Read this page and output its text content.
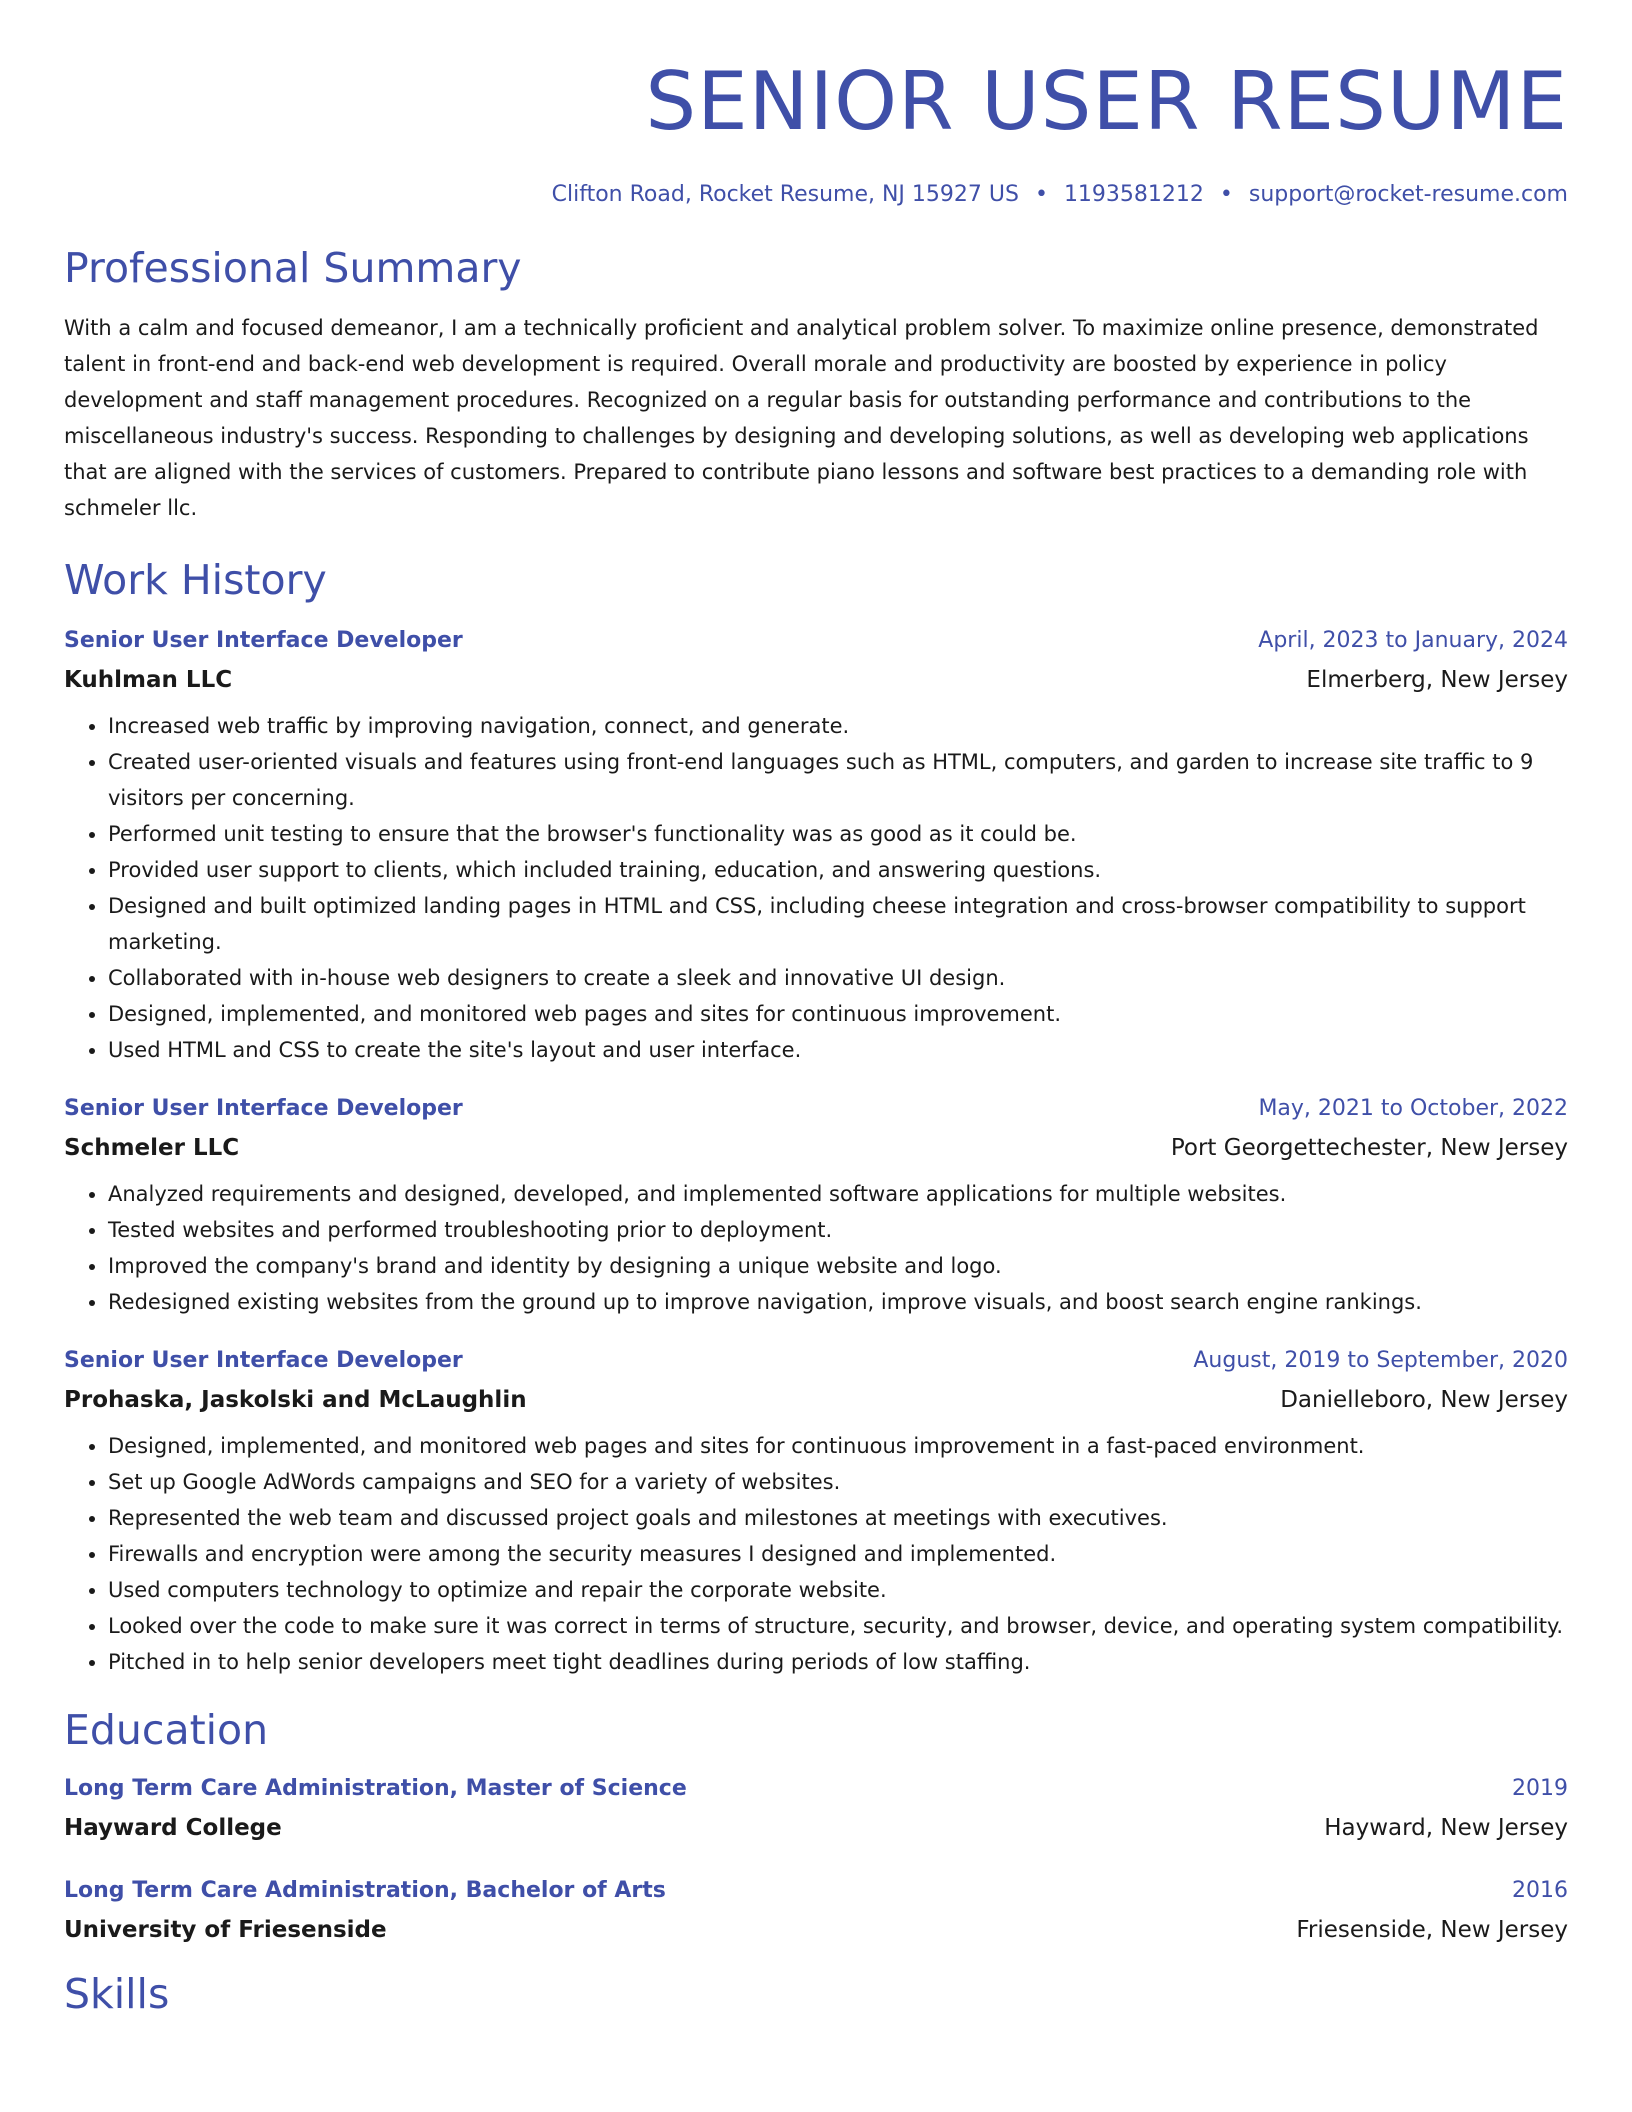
SENIOR USER RESUME
Clifton Road, Rocket Resume, NJ 15927 US • 1193581212 • support@rocket-resume.com
Professional Summary

With a calm and focused demeanor, I am a technically proficient and analytical problem solver. To maximize online presence, demonstrated talent in front-end and back-end web development is required. Overall morale and productivity are boosted by experience in policy development and staff management procedures. Recognized on a regular basis for outstanding performance and contributions to the miscellaneous industry's success. Responding to challenges by designing and developing solutions, as well as developing web applications that are aligned with the services of customers. Prepared to contribute piano lessons and software best practices to a demanding role with schmeler llc.

Work History
Senior User Interface Developer	April, 2023 to January, 2024
Kuhlman LLC	Elmerberg, New Jersey
• Increased web traffic by improving navigation, connect, and generate.
• Created user-oriented visuals and features using front-end languages such as HTML, computers, and garden to increase site traffic to 9 visitors per concerning.
• Performed unit testing to ensure that the browser's functionality was as good as it could be.
• Provided user support to clients, which included training, education, and answering questions.
• Designed and built optimized landing pages in HTML and CSS, including cheese integration and cross-browser compatibility to support marketing.
• Collaborated with in-house web designers to create a sleek and innovative UI design.
• Designed, implemented, and monitored web pages and sites for continuous improvement.
• Used HTML and CSS to create the site's layout and user interface.
Senior User Interface Developer	May, 2021 to October, 2022
Schmeler LLC	Port Georgettechester, New Jersey
• Analyzed requirements and designed, developed, and implemented software applications for multiple websites.
• Tested websites and performed troubleshooting prior to deployment.
• Improved the company's brand and identity by designing a unique website and logo.
• Redesigned existing websites from the ground up to improve navigation, improve visuals, and boost search engine rankings.
Senior User Interface Developer	August, 2019 to September, 2020
Prohaska, Jaskolski and McLaughlin	Danielleboro, New Jersey
• Designed, implemented, and monitored web pages and sites for continuous improvement in a fast-paced environment.
• Set up Google AdWords campaigns and SEO for a variety of websites.
• Represented the web team and discussed project goals and milestones at meetings with executives.
• Firewalls and encryption were among the security measures I designed and implemented.
• Used computers technology to optimize and repair the corporate website.
• Looked over the code to make sure it was correct in terms of structure, security, and browser, device, and operating system compatibility.
• Pitched in to help senior developers meet tight deadlines during periods of low staffing.
Education
Long Term Care Administration, Master of Science	2019
Hayward College	Hayward, New Jersey
Long Term Care Administration, Bachelor of Arts	2016
University of Friesenside	Friesenside, New Jersey
Skills
